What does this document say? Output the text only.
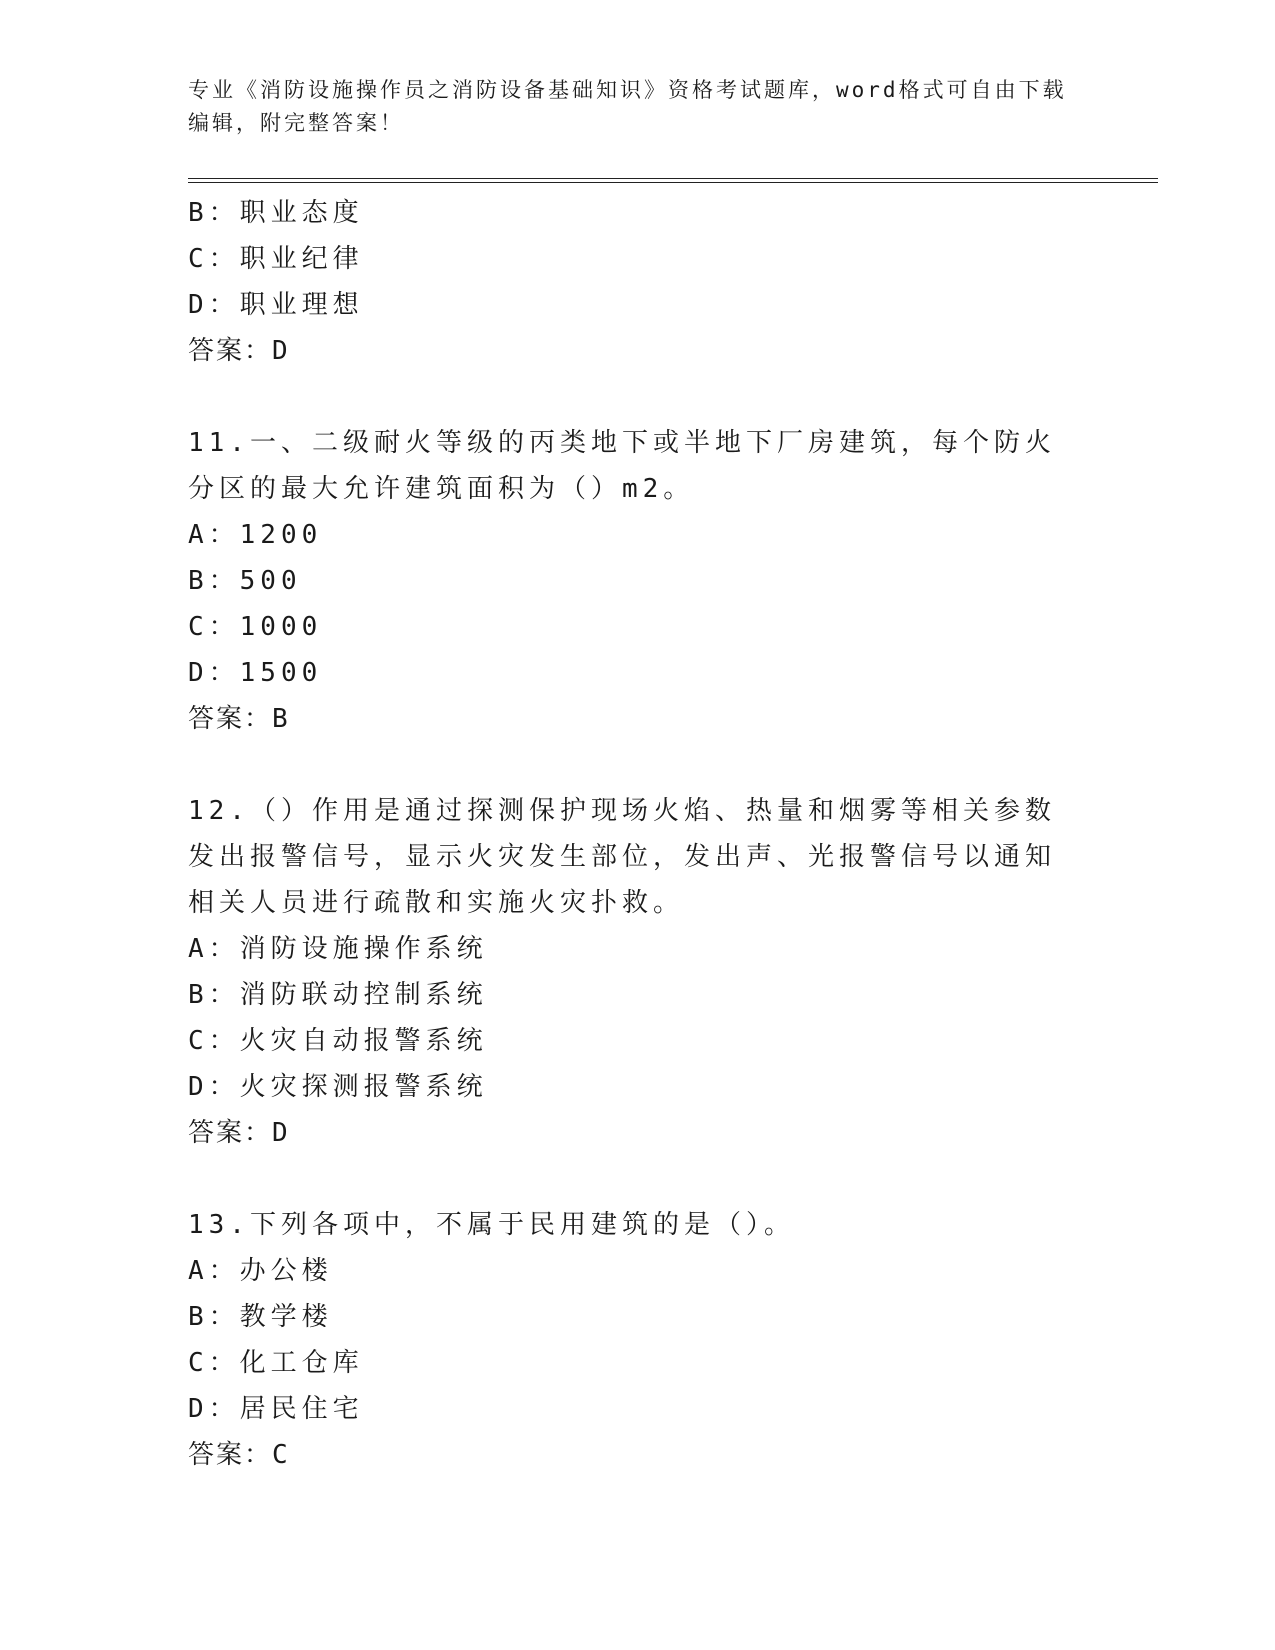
专业《消防设施操作员之消防设备基础知识》资格考试题库，word格式可自由下载编辑，附完整答案！
B：职业态度
C：职业纪律
D：职业理想
答案：D
11.一、二级耐火等级的丙类地下或半地下厂房建筑，每个防火分区的最大允许建筑面积为（）m2。
A：1200
B：500
C：1000
D：1500
答案：B
12.（）作用是通过探测保护现场火焰、热量和烟雾等相关参数发出报警信号，显示火灾发生部位，发出声、光报警信号以通知相关人员进行疏散和实施火灾扑救。
A：消防设施操作系统
B：消防联动控制系统
C：火灾自动报警系统
D：火灾探测报警系统
答案：D
13.下列各项中，不属于民用建筑的是（）。
A：办公楼
B：教学楼
C：化工仓库
D：居民住宅
答案：C
